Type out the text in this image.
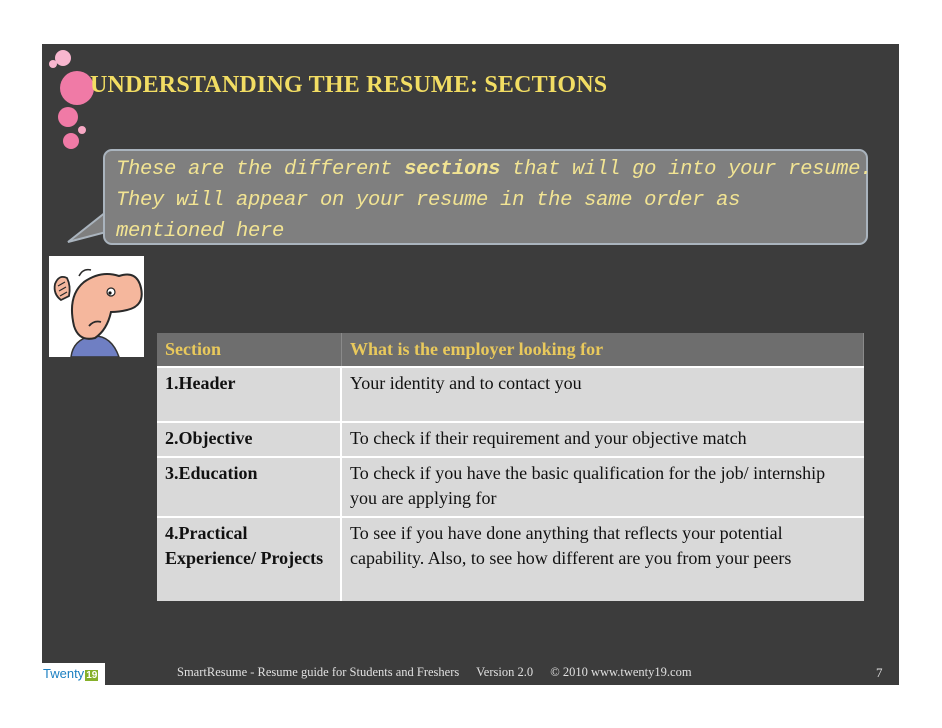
UNDERSTANDING THE RESUME: SECTIONS
These are the different sections that will go into your resume.
They will appear on your resume in the same order as
mentioned here
Section	What is the employer looking for
1.Header	Your identity and to contact you
2.Objective	To check if their requirement and your objective match
3.Education	To check if you have the basic qualification for the job/ internship you are applying for
4.Practical Experience/ Projects	To see if you have done anything that reflects your potential capability. Also, to see how different are you from your peers
Twenty 19	SmartResume - Resume guide for Students and Freshers Version 2.0 © 2010 www.twenty19.com	7
